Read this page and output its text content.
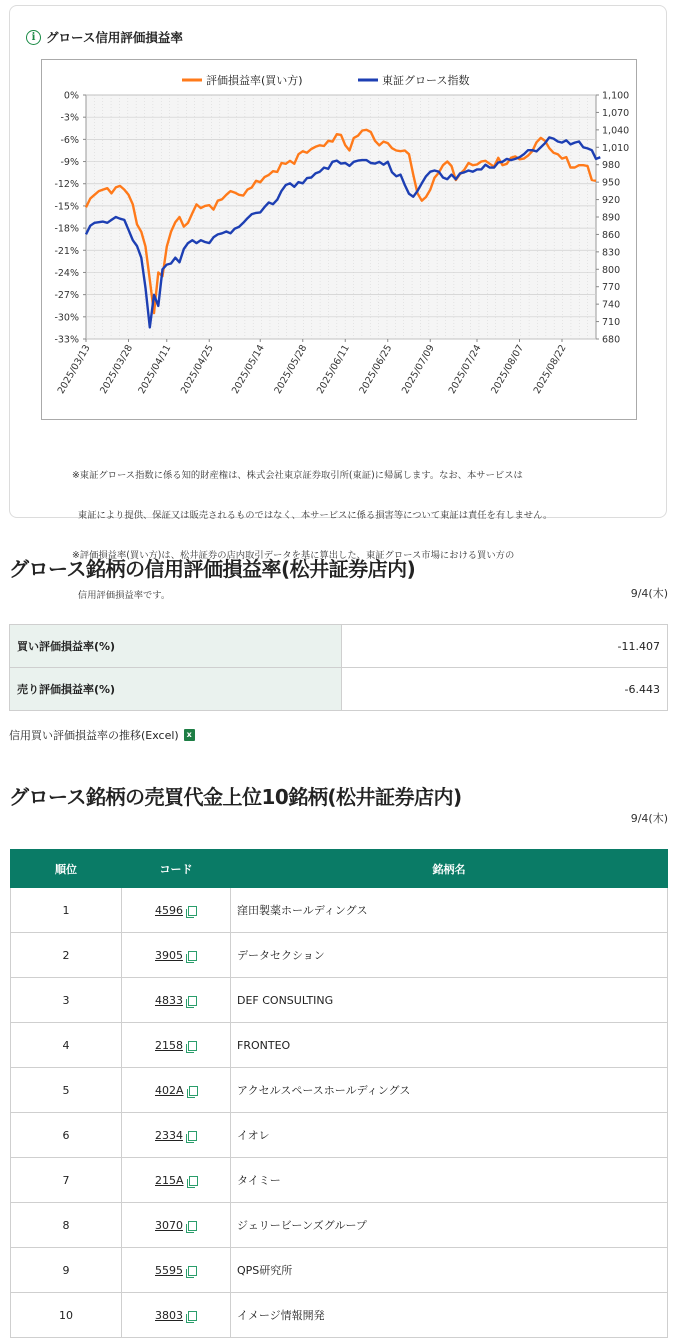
i グロース信用評価損益率
0%
-3%
-6%
-9%
-12%
-15%
-18%
-21%
-24%
-27%
-30%
-33%
1,100
1,070
1,040
1,010
980
950
920
890
860
830
800
770
740
710
680
2025/03/13 2025/03/28 2025/04/11 2025/04/25 2025/05/14 2025/05/28 2025/06/11 2025/06/25 2025/07/09 2025/07/24 2025/08/07 2025/08/22
評価損益率(買い方)	東証グロース指数

※東証グロース指数に係る知的財産権は、株式会社東京証券取引所(東証)に帰属します。なお、本サービスは

東証により提供、保証又は販売されるものではなく、本サービスに係る損害等について東証は責任を有しません。

※評価損益率(買い方)は、松井証券の店内取引データを基に算出した、東証グロース市場における買い方の

信用評価損益率です。

グロース銘柄の信用評価損益率(松井証券店内)
9/4(木)
買い評価損益率(%)	-11.407
売り評価損益率(%)	-6.443
信用買い評価損益率の推移(Excel) x
グロース銘柄の売買代金上位10銘柄(松井証券店内)
9/4(木)
順位	コード	銘柄名
1	4596	窪田製薬ホールディングス
2	3905	データセクション
3	4833	DEF CONSULTING
4	2158	FRONTEO
5	402A	アクセルスペースホールディングス
6	2334	イオレ
7	215A	タイミー
8	3070	ジェリービーンズグループ
9	5595	QPS研究所
10	3803	イメージ情報開発
